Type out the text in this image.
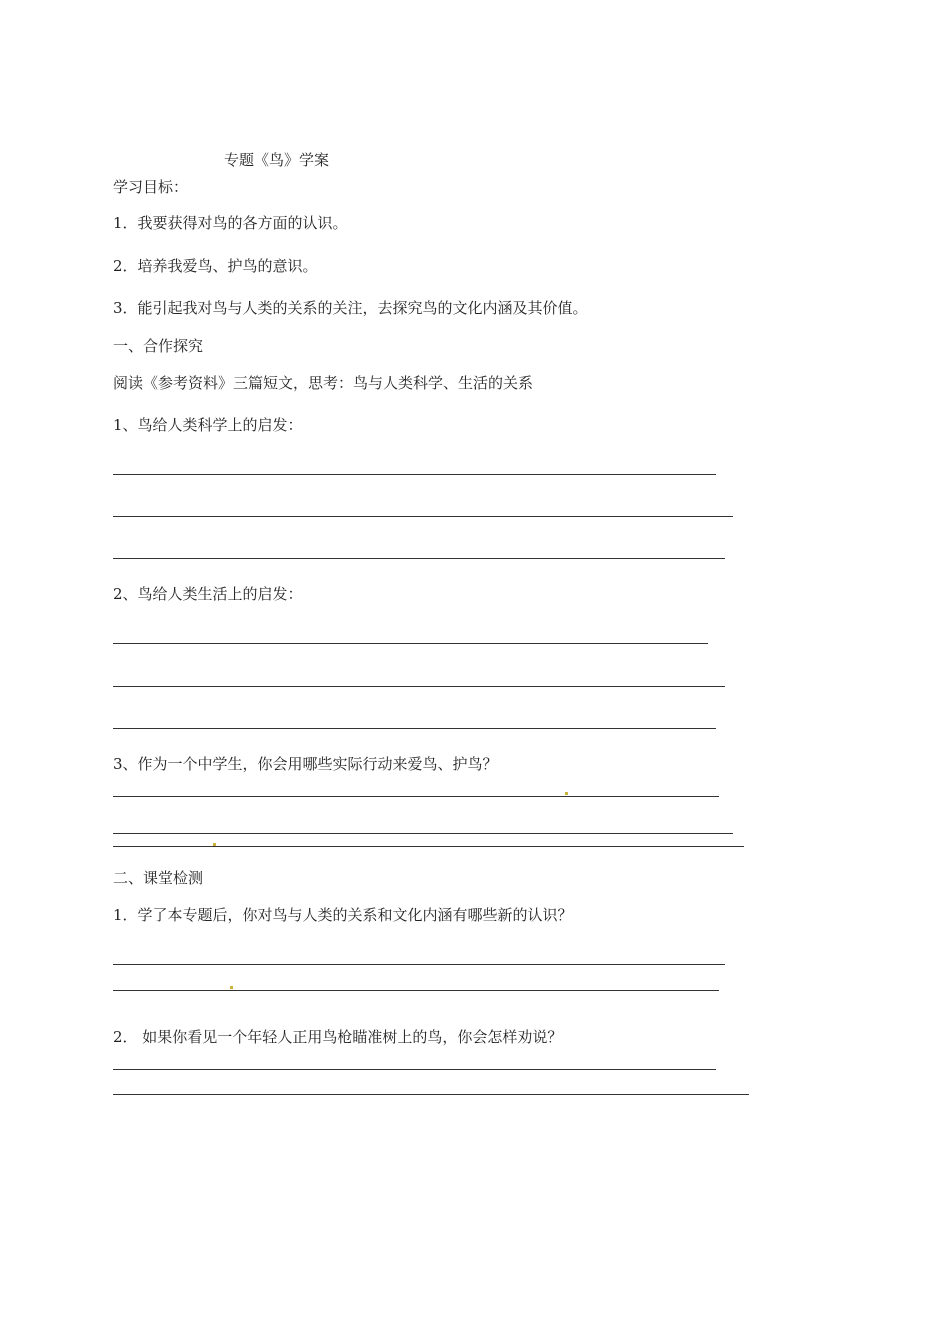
专题《鸟》学案
学习目标：
1．我要获得对鸟的各方面的认识。
2．培养我爱鸟、护鸟的意识。
3．能引起我对鸟与人类的关系的关注，去探究鸟的文化内涵及其价值。
一、合作探究
阅读《参考资料》三篇短文，思考：鸟与人类科学、生活的关系
1、鸟给人类科学上的启发：
2、鸟给人类生活上的启发：
3、作为一个中学生，你会用哪些实际行动来爱鸟、护鸟？
二、课堂检测
1．学了本专题后，你对鸟与人类的关系和文化内涵有哪些新的认识？
2． 如果你看见一个年轻人正用鸟枪瞄准树上的鸟，你会怎样劝说？
